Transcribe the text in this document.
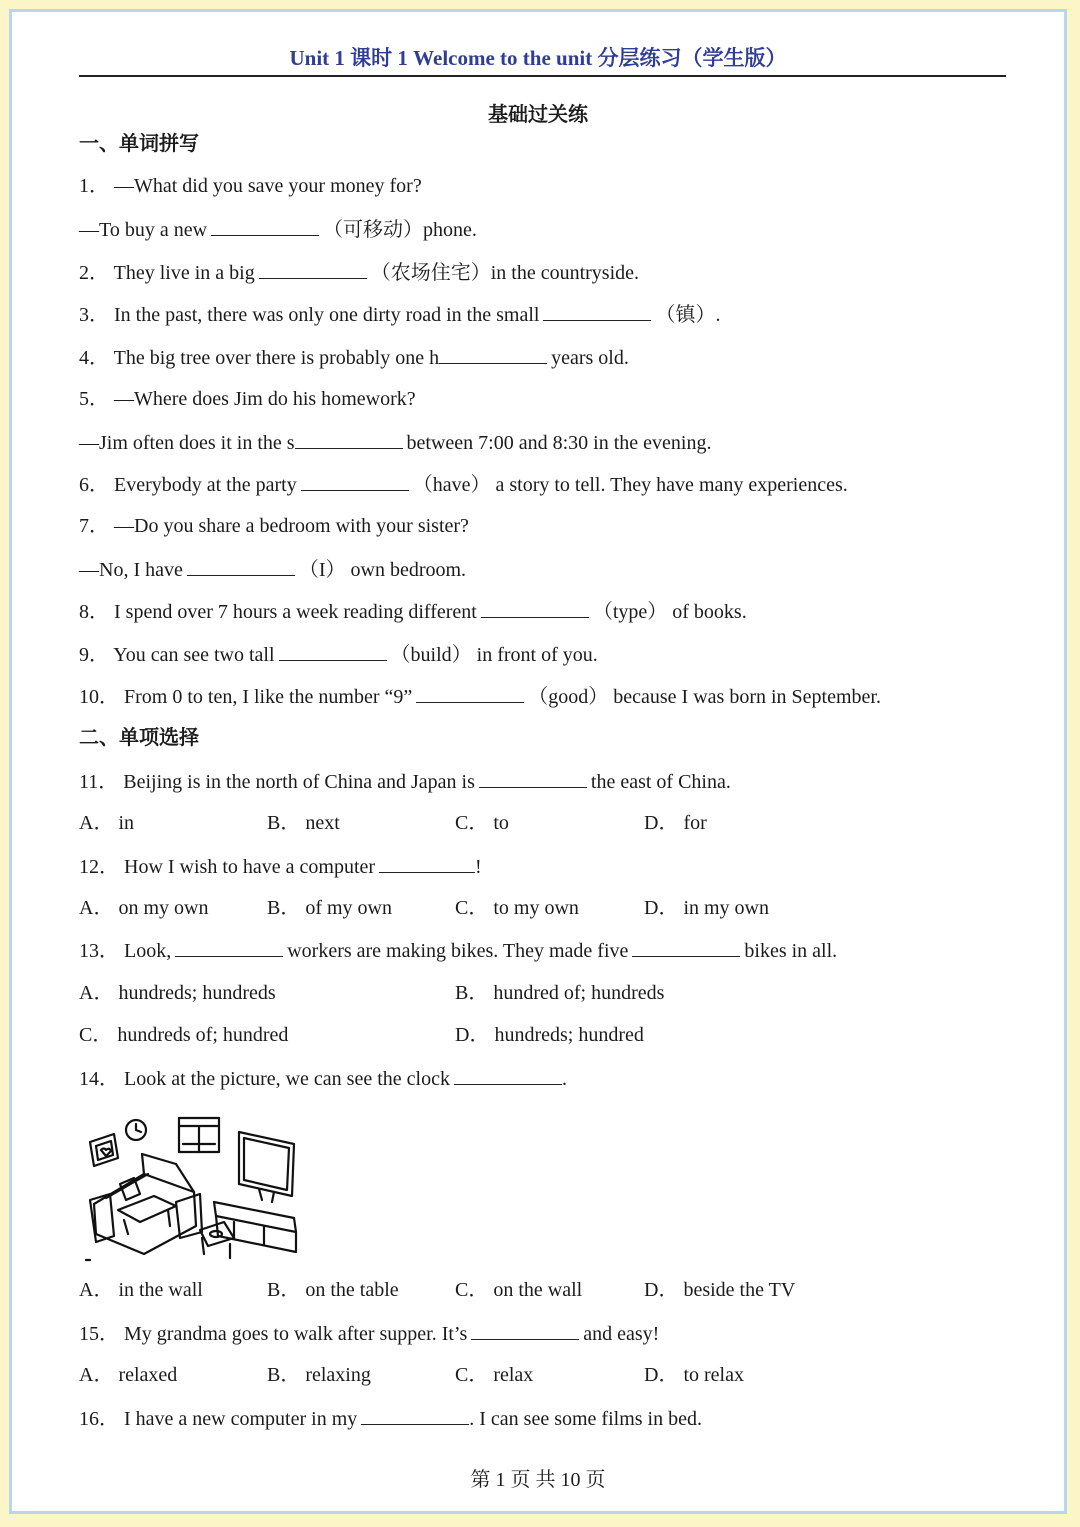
Unit 1 课时 1 Welcome to the unit 分层练习（学生版）
基础过关练
一、单词拼写
1． —What did you save your money for?
—To buy a new	（可移动）phone.
2． They live in a big	（农场住宅）in the countryside.
3． In the past, there was only one dirty road in the small	（镇）.
4． The big tree over there is probably one h	years old.
5． —Where does Jim do his homework?
—Jim often does it in the s	between 7:00 and 8:30 in the evening.
6． Everybody at the party	（have） a story to tell. They have many experiences.
7． —Do you share a bedroom with your sister?
—No, I have	（I） own bedroom.
8． I spend over 7 hours a week reading different	（type） of books.
9． You can see two tall	（build） in front of you.
10． From 0 to ten, I like the number “9”	（good） because I was born in September.
二、单项选择
11． Beijing is in the north of China and Japan is	the east of China.
A． in	B． next	C． to	D． for
12． How I wish to have a computer	!
A． on my own	B． of my own	C． to my own	D． in my own
13． Look,	workers are making bikes. They made five	bikes in all.
A． hundreds; hundreds	B． hundred of; hundreds
C． hundreds of; hundred	D． hundreds; hundred
14． Look at the picture, we can see the clock	.
A． in the wall	B． on the table	C． on the wall	D． beside the TV
15． My grandma goes to walk after supper. It’s	and easy!
A． relaxed	B． relaxing	C． relax	D． to relax
16． I have a new computer in my	. I can see some films in bed.
第 1 页 共 10 页
